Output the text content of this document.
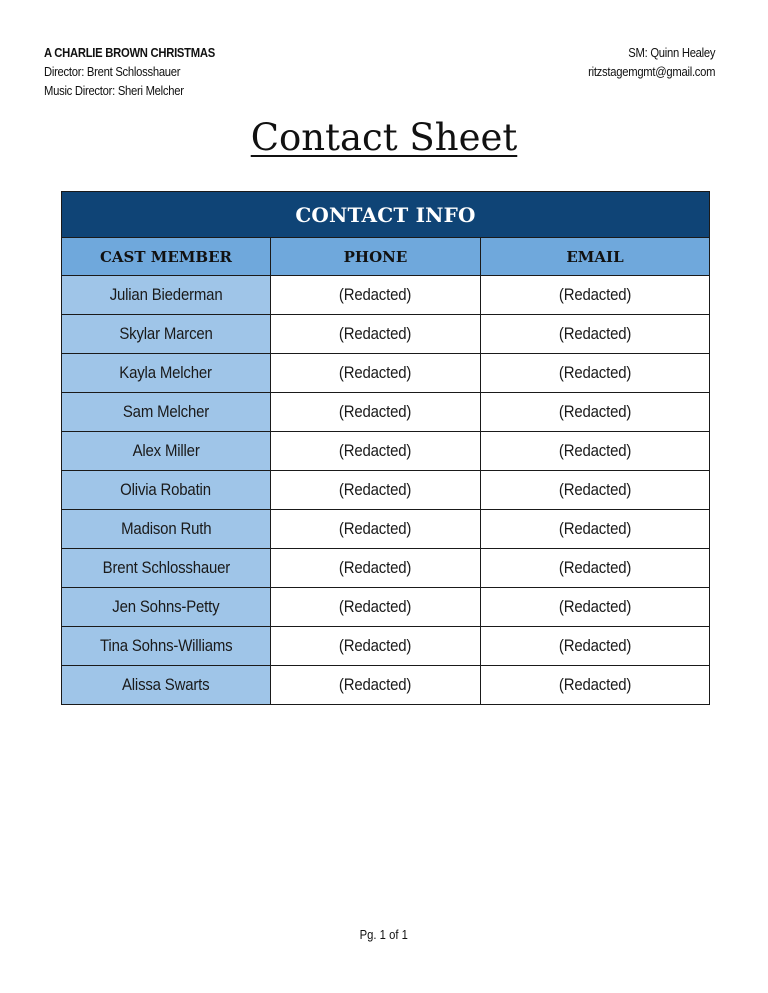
A CHARLIE BROWN CHRISTMAS
Director: Brent Schlosshauer
Music Director: Sheri Melcher
SM: Quinn Healey
ritzstagemgmt@gmail.com
Contact Sheet
CONTACT INFO		
CAST MEMBER	PHONE	EMAIL
Julian Biederman	(Redacted)	(Redacted)
Skylar Marcen	(Redacted)	(Redacted)
Kayla Melcher	(Redacted)	(Redacted)
Sam Melcher	(Redacted)	(Redacted)
Alex Miller	(Redacted)	(Redacted)
Olivia Robatin	(Redacted)	(Redacted)
Madison Ruth	(Redacted)	(Redacted)
Brent Schlosshauer	(Redacted)	(Redacted)
Jen Sohns-Petty	(Redacted)	(Redacted)
Tina Sohns-Williams	(Redacted)	(Redacted)
Alissa Swarts	(Redacted)	(Redacted)
Pg. 1 of 1
